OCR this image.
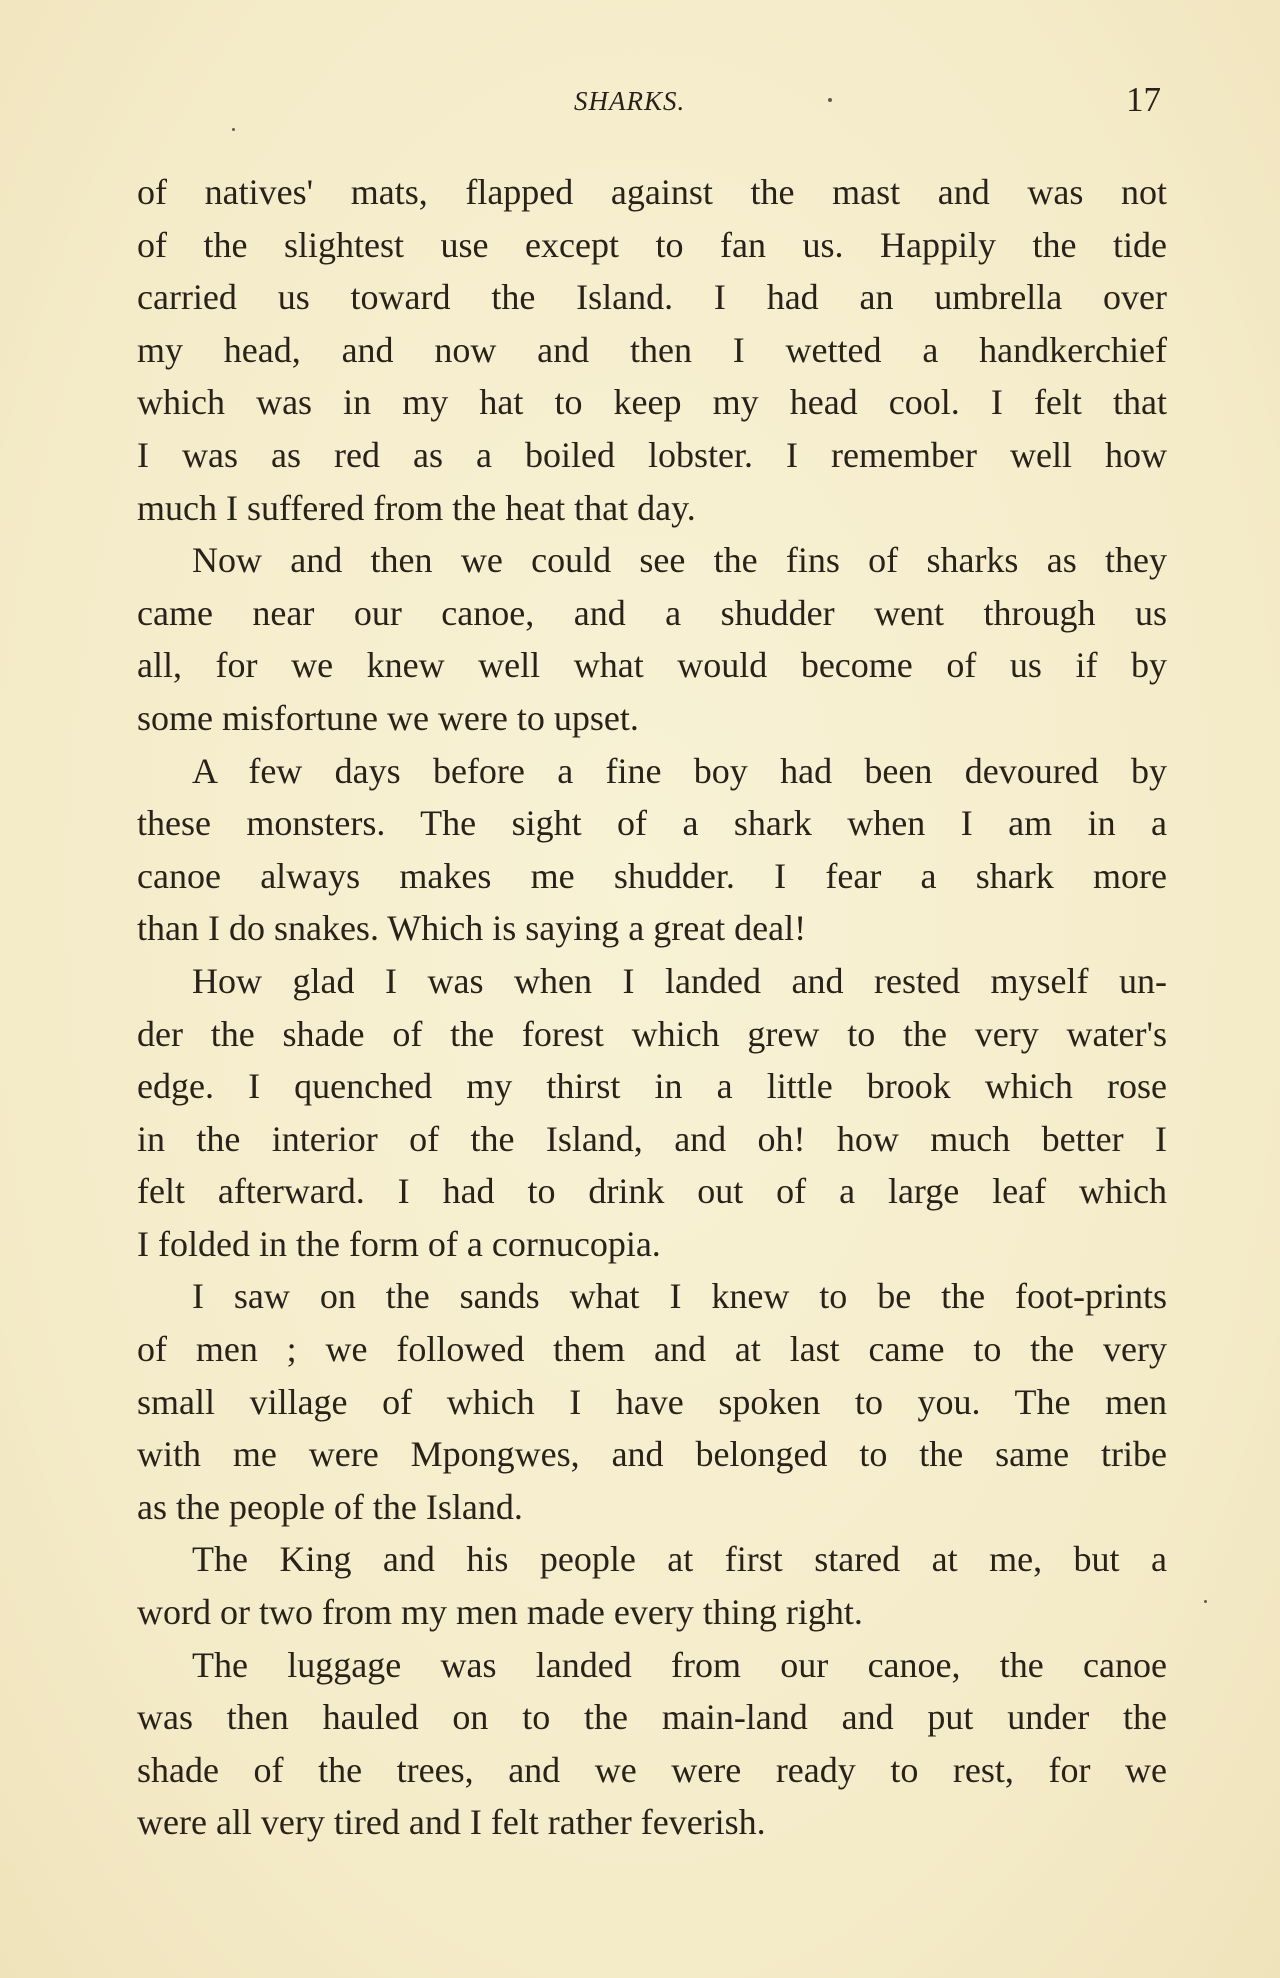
SHARKS.	17
of natives' mats, flapped against the mast and was not
of the slightest use except to fan us. Happily the tide
carried us toward the Island. I had an umbrella over
my head, and now and then I wetted a handkerchief
which was in my hat to keep my head cool. I felt that
I was as red as a boiled lobster. I remember well how
much I suffered from the heat that day.
Now and then we could see the fins of sharks as they
came near our canoe, and a shudder went through us
all, for we knew well what would become of us if by
some misfortune we were to upset.
A few days before a fine boy had been devoured by
these monsters. The sight of a shark when I am in a
canoe always makes me shudder. I fear a shark more
than I do snakes. Which is saying a great deal!
How glad I was when I landed and rested myself un-
der the shade of the forest which grew to the very water's
edge. I quenched my thirst in a little brook which rose
in the interior of the Island, and oh! how much better I
felt afterward. I had to drink out of a large leaf which
I folded in the form of a cornucopia.
I saw on the sands what I knew to be the foot-prints
of men ; we followed them and at last came to the very
small village of which I have spoken to you. The men
with me were Mpongwes, and belonged to the same tribe
as the people of the Island.
The King and his people at first stared at me, but a
word or two from my men made every thing right.
The luggage was landed from our canoe, the canoe
was then hauled on to the main-land and put under the
shade of the trees, and we were ready to rest, for we
were all very tired and I felt rather feverish.
